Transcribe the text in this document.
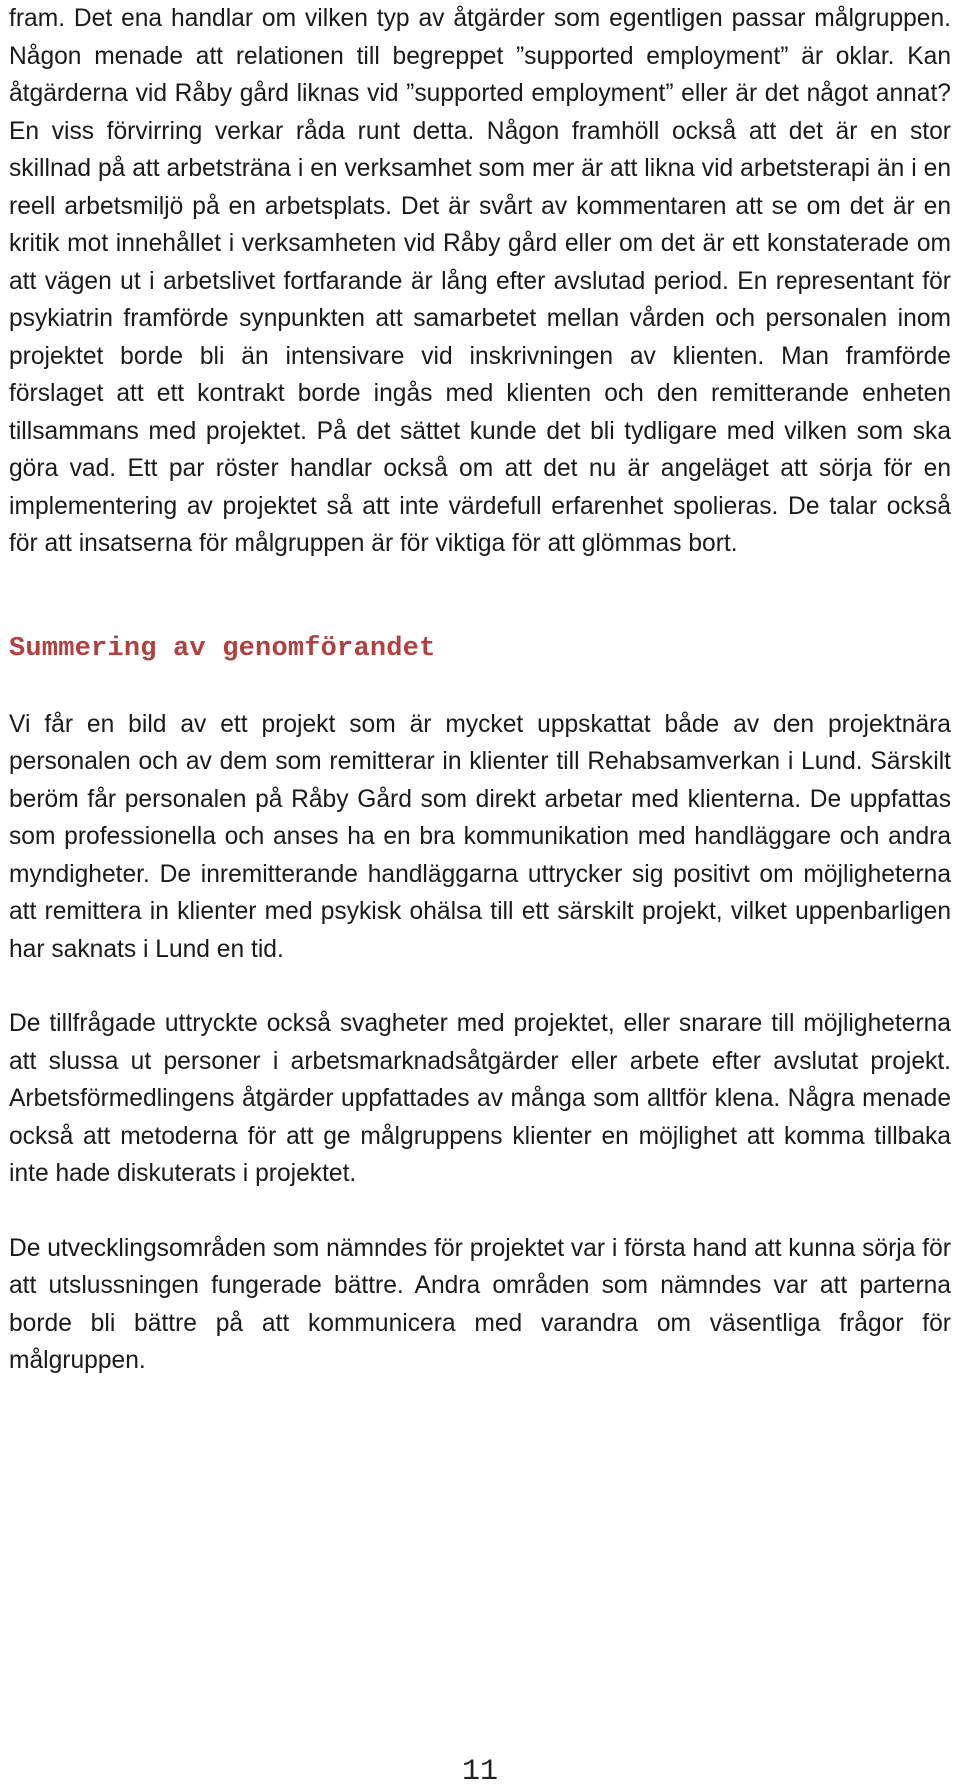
fram. Det ena handlar om vilken typ av åtgärder som egentligen passar målgruppen. Någon menade att relationen till begreppet ”supported employment” är oklar. Kan åtgärderna vid Råby gård liknas vid ”supported employment” eller är det något annat? En viss förvirring verkar råda runt detta. Någon framhöll också att det är en stor skillnad på att arbetsträna i en verksamhet som mer är att likna vid arbetsterapi än i en reell arbetsmiljö på en arbetsplats. Det är svårt av kommentaren att se om det är en kritik mot innehållet i verksamheten vid Råby gård eller om det är ett konstaterade om att vägen ut i arbetslivet fortfarande är lång efter avslutad period. En representant för psykiatrin framförde synpunkten att samarbetet mellan vården och personalen inom projektet borde bli än intensivare vid inskrivningen av klienten. Man framförde förslaget att ett kontrakt borde ingås med klienten och den remitterande enheten tillsammans med projektet. På det sättet kunde det bli tydligare med vilken som ska göra vad. Ett par röster handlar också om att det nu är angeläget att sörja för en implementering av projektet så att inte värdefull erfarenhet spolieras. De talar också för att insatserna för målgruppen är för viktiga för att glömmas bort.

Summering av genomförandet

Vi får en bild av ett projekt som är mycket uppskattat både av den projektnära personalen och av dem som remitterar in klienter till Rehabsamverkan i Lund. Särskilt beröm får personalen på Råby Gård som direkt arbetar med klienterna. De uppfattas som professionella och anses ha en bra kommunikation med handläggare och andra myndigheter. De inremitterande handläggarna uttrycker sig positivt om möjligheterna att remittera in klienter med psykisk ohälsa till ett särskilt projekt, vilket uppenbarligen har saknats i Lund en tid.

De tillfrågade uttryckte också svagheter med projektet, eller snarare till möjligheterna att slussa ut personer i arbetsmarknadsåtgärder eller arbete efter avslutat projekt. Arbetsförmedlingens åtgärder uppfattades av många som alltför klena. Några menade också att metoderna för att ge målgruppens klienter en möjlighet att komma tillbaka inte hade diskuterats i projektet.

De utvecklingsområden som nämndes för projektet var i första hand att kunna sörja för att utslussningen fungerade bättre. Andra områden som nämndes var att parterna borde bli bättre på att kommunicera med varandra om väsentliga frågor för målgruppen.

11
